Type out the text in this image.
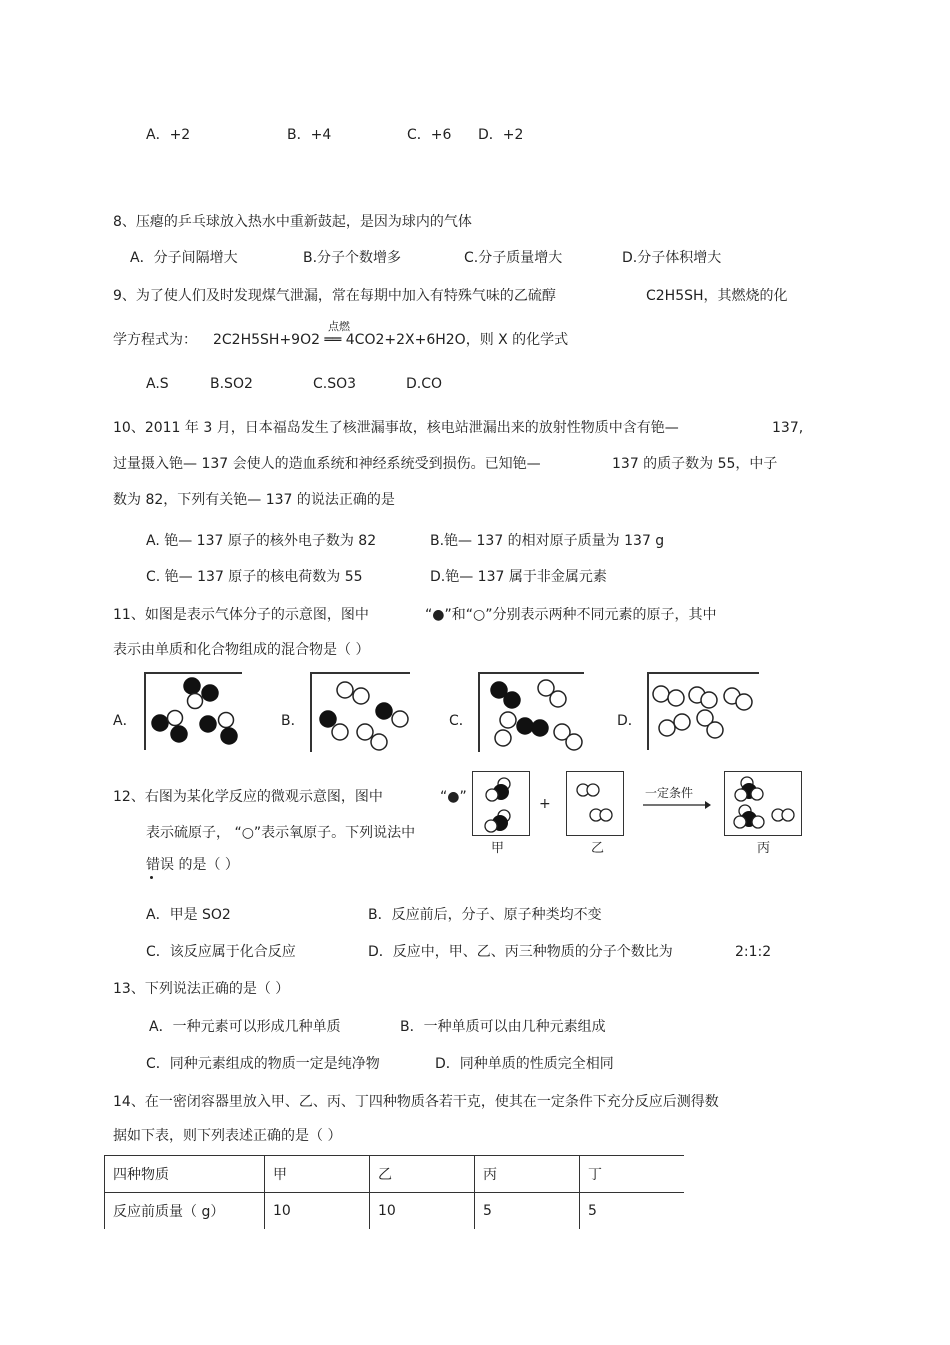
A．+2	B．+4	C．+6 D．+2
8、压瘪的乒乓球放入热水中重新鼓起，是因为球内的气体
A．分子间隔增大	B.分子个数增多	C.分子质量增大	D.分子体积增大
9、为了使人们及时发现煤气泄漏，常在每期中加入有特殊气味的乙硫醇	C2H5SH，其燃烧的化
学方程式为：
点燃
2C2H5SH+9O2 ══ 4CO2+2X+6H2O，则 X 的化学式
A.S	B.SO2	C.SO3	D.CO
10、2011 年 3 月，日本福岛发生了核泄漏事故，核电站泄漏出来的放射性物质中含有铯—	137,
过量摄入铯— 137 会使人的造血系统和神经系统受到损伤。已知铯—	137 的质子数为 55，中子
数为 82，下列有关铯— 137 的说法正确的是
A. 铯— 137 原子的核外电子数为 82	B.铯— 137 的相对原子质量为 137 g
C. 铯— 137 原子的核电荷数为 55	D.铯— 137 属于非金属元素
11、如图是表示气体分子的示意图，图中	“●”和“○”分别表示两种不同元素的原子，其中
表示由单质和化合物组成的混合物是（ ）
A．	B．	C．	D．
12、右图为某化学反应的微观示意图，图中	“●”
表示硫原子， “○”表示氧原子。下列说法中
错误 的是（ ）
+
一定条件
甲	乙	丙
A．甲是 SO2	B．反应前后，分子、原子种类均不变
C．该反应属于化合反应	D．反应中，甲、乙、丙三种物质的分子个数比为	2:1:2
13、下列说法正确的是（ ）
A．一种元素可以形成几种单质	B．一种单质可以由几种元素组成
C．同种元素组成的物质一定是纯净物	D．同种单质的性质完全相同
14、在一密闭容器里放入甲、乙、丙、丁四种物质各若干克，使其在一定条件下充分反应后测得数
据如下表，则下列表述正确的是（ ）
四种物质	甲	乙	丙	丁
反应前质量（ g）	10	10	5	5
